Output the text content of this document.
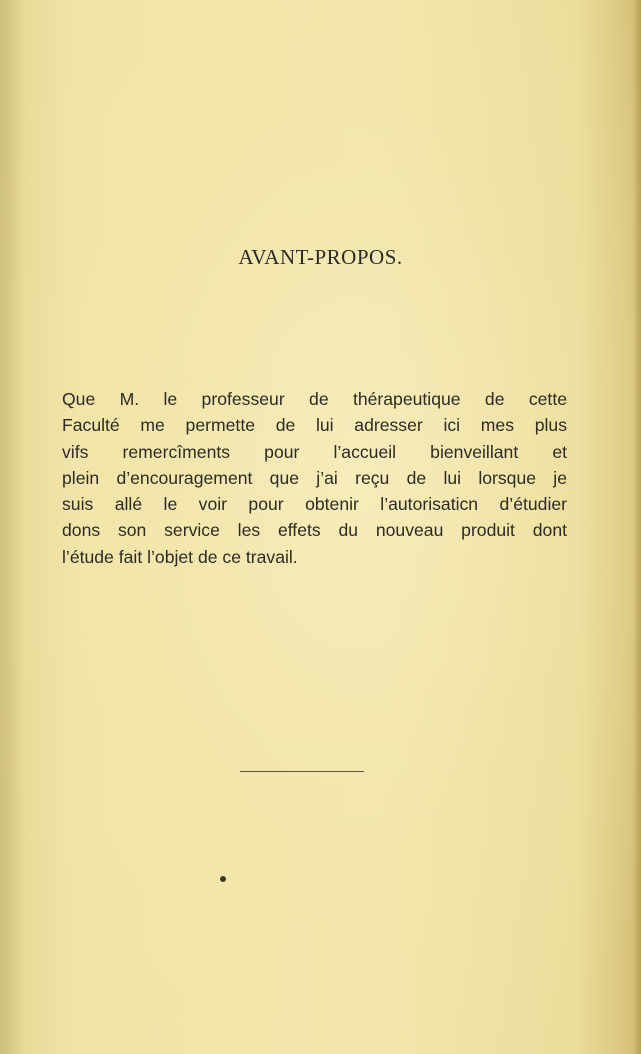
AVANT-PROPOS.

Que M. le professeur de thérapeutique de cette
Faculté me permette de lui adresser ici mes plus
vifs remercîments pour l’accueil bienveillant et
plein d’encouragement que j’ai reçu de lui lorsque je
suis allé le voir pour obtenir l’autorisaticn d’étudier
dons son service les effets du nouveau produit dont
l’étude fait l’objet de ce travail.
